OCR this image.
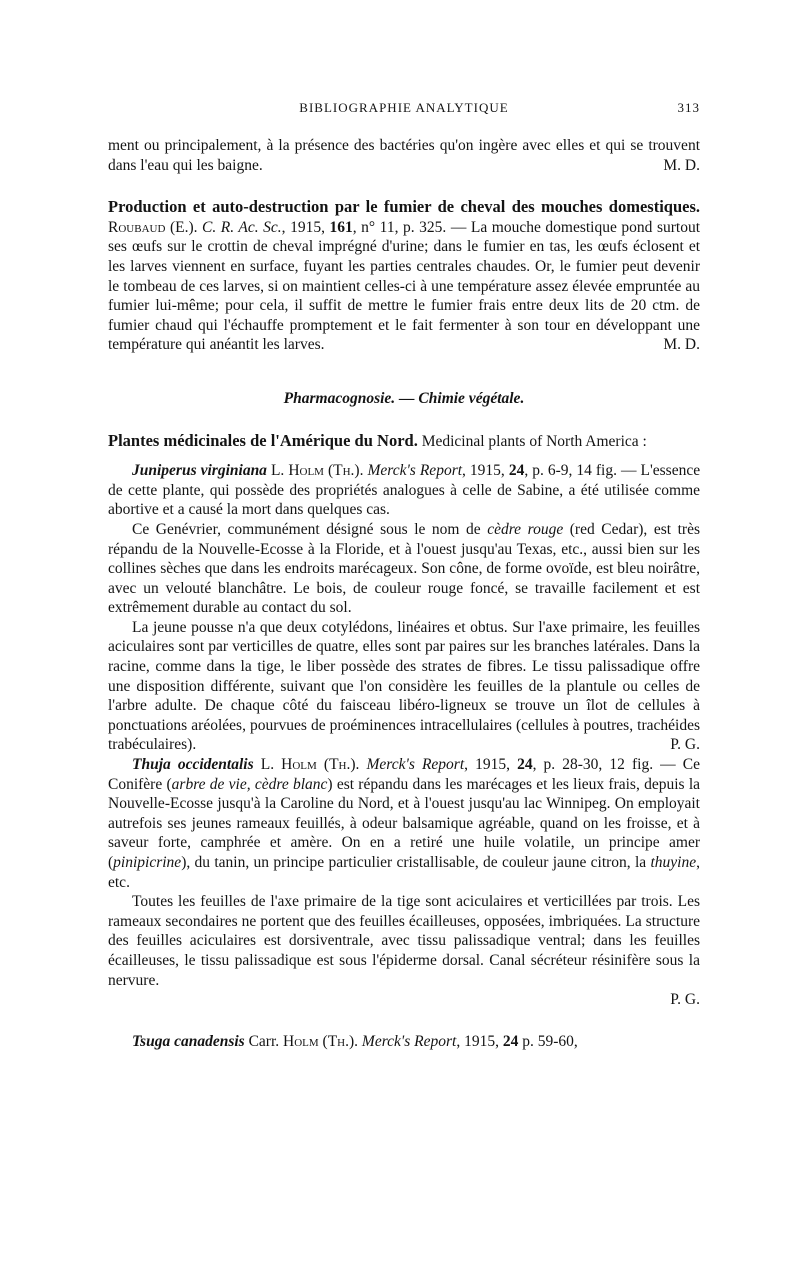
BIBLIOGRAPHIE ANALYTIQUE	313

ment ou principalement, à la présence des bactéries qu'on ingère avec elles et qui se trouvent dans l'eau qui les baigne.	M. D.

Production et auto-destruction par le fumier de cheval des mouches domestiques. Roubaud (E.). C. R. Ac. Sc., 1915, 161, n° 11, p. 325. — La mouche domestique pond surtout ses œufs sur le crottin de cheval imprégné d'urine; dans le fumier en tas, les œufs éclosent et les larves viennent en surface, fuyant les parties centrales chaudes. Or, le fumier peut devenir le tombeau de ces larves, si on maintient celles-ci à une température assez élevée empruntée au fumier lui-même; pour cela, il suffit de mettre le fumier frais entre deux lits de 20 ctm. de fumier chaud qui l'échauffe promptement et le fait fermenter à son tour en développant une température qui anéantit les larves.	M. D.

Pharmacognosie. — Chimie végétale.

Plantes médicinales de l'Amérique du Nord. Medicinal plants of North America :

Juniperus virginiana L. Holm (Th.). Merck's Report, 1915, 24, p. 6-9, 14 fig. — L'essence de cette plante, qui possède des propriétés analogues à celle de Sabine, a été utilisée comme abortive et a causé la mort dans quelques cas.

Ce Genévrier, communément désigné sous le nom de cèdre rouge (red Cedar), est très répandu de la Nouvelle-Ecosse à la Floride, et à l'ouest jusqu'au Texas, etc., aussi bien sur les collines sèches que dans les endroits marécageux. Son cône, de forme ovoïde, est bleu noirâtre, avec un velouté blanchâtre. Le bois, de couleur rouge foncé, se travaille facilement et est extrêmement durable au contact du sol.

La jeune pousse n'a que deux cotylédons, linéaires et obtus. Sur l'axe primaire, les feuilles aciculaires sont par verticilles de quatre, elles sont par paires sur les branches latérales. Dans la racine, comme dans la tige, le liber possède des strates de fibres. Le tissu palissadique offre une disposition différente, suivant que l'on considère les feuilles de la plantule ou celles de l'arbre adulte. De chaque côté du faisceau libéro-ligneux se trouve un îlot de cellules à ponctuations aréolées, pourvues de proéminences intracellulaires (cellules à poutres, trachéides trabéculaires).	P. G.

Thuja occidentalis L. Holm (Th.). Merck's Report, 1915, 24, p. 28-30, 12 fig. — Ce Conifère (arbre de vie, cèdre blanc) est répandu dans les marécages et les lieux frais, depuis la Nouvelle-Ecosse jusqu'à la Caroline du Nord, et à l'ouest jusqu'au lac Winnipeg. On employait autrefois ses jeunes rameaux feuillés, à odeur balsamique agréable, quand on les froisse, et à saveur forte, camphrée et amère. On en a retiré une huile volatile, un principe amer (pinipicrine), du tanin, un principe particulier cristallisable, de couleur jaune citron, la thuyine, etc.

Toutes les feuilles de l'axe primaire de la tige sont aciculaires et verticillées par trois. Les rameaux secondaires ne portent que des feuilles écailleuses, opposées, imbriquées. La structure des feuilles aciculaires est dorsiventrale, avec tissu palissadique ventral; dans les feuilles écailleuses, le tissu palissadique est sous l'épiderme dorsal. Canal sécréteur résinifère sous la nervure.

P. G.

Tsuga canadensis Carr. Holm (Th.). Merck's Report, 1915, 24 p. 59-60,
